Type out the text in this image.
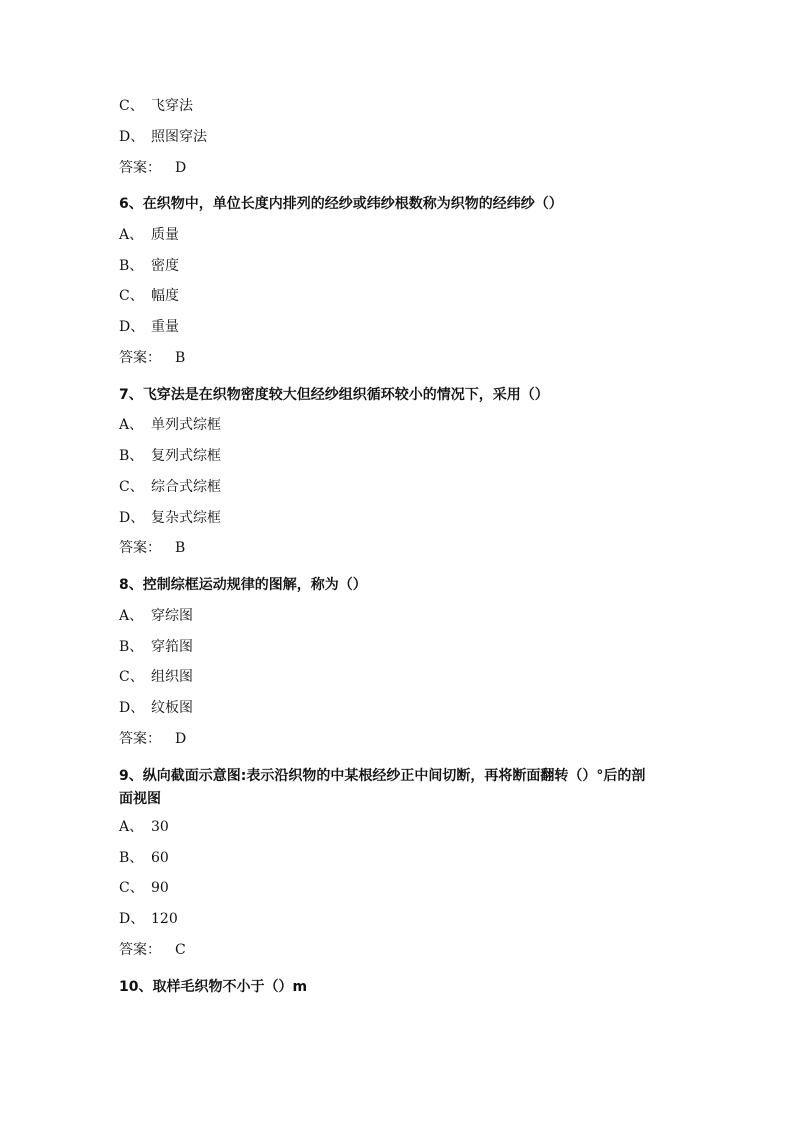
C、 飞穿法
D、 照图穿法
答案： D
6、在织物中，单位长度内排列的经纱或纬纱根数称为织物的经纬纱（）
A、 质量
B、 密度
C、 幅度
D、 重量
答案： B
7、飞穿法是在织物密度较大但经纱组织循环较小的情况下，采用（）
A、 单列式综框
B、 复列式综框
C、 综合式综框
D、 复杂式综框
答案： B
8、控制综框运动规律的图解，称为（）
A、 穿综图
B、 穿筘图
C、 组织图
D、 纹板图
答案： D
9、纵向截面示意图:表示沿织物的中某根经纱正中间切断，再将断面翻转（）°后的剖面视图
A、 30
B、 60
C、 90
D、 120
答案： C
10、取样毛织物不小于（）m
